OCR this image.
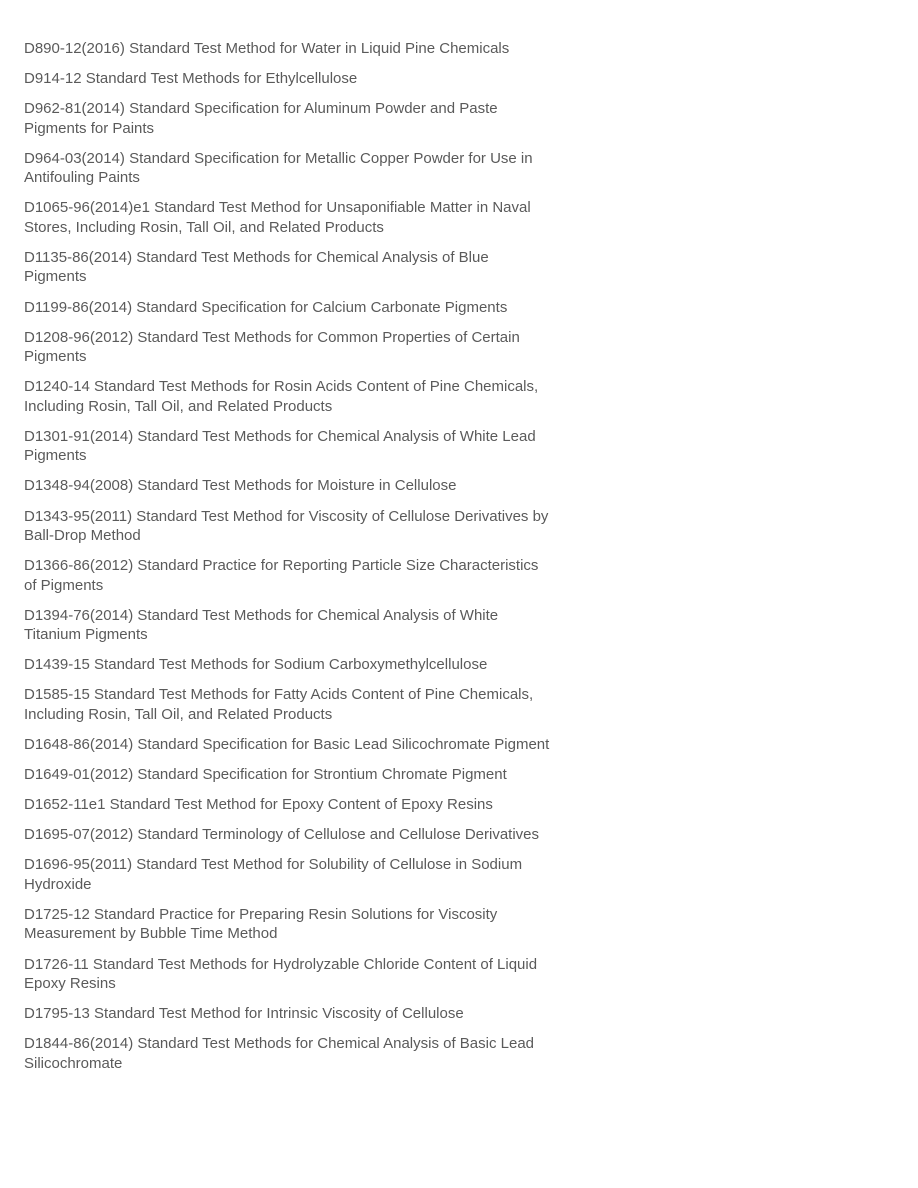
D890-12(2016) Standard Test Method for Water in Liquid Pine Chemicals
D914-12 Standard Test Methods for Ethylcellulose
D962-81(2014) Standard Specification for Aluminum Powder and Paste Pigments for Paints
D964-03(2014) Standard Specification for Metallic Copper Powder for Use in Antifouling Paints
D1065-96(2014)e1 Standard Test Method for Unsaponifiable Matter in Naval Stores, Including Rosin, Tall Oil, and Related Products
D1135-86(2014) Standard Test Methods for Chemical Analysis of Blue Pigments
D1199-86(2014) Standard Specification for Calcium Carbonate Pigments
D1208-96(2012) Standard Test Methods for Common Properties of Certain Pigments
D1240-14 Standard Test Methods for Rosin Acids Content of Pine Chemicals, Including Rosin, Tall Oil, and Related Products
D1301-91(2014) Standard Test Methods for Chemical Analysis of White Lead Pigments
D1348-94(2008) Standard Test Methods for Moisture in Cellulose
D1343-95(2011) Standard Test Method for Viscosity of Cellulose Derivatives by Ball-Drop Method
D1366-86(2012) Standard Practice for Reporting Particle Size Characteristics of Pigments
D1394-76(2014) Standard Test Methods for Chemical Analysis of White Titanium Pigments
D1439-15 Standard Test Methods for Sodium Carboxymethylcellulose
D1585-15 Standard Test Methods for Fatty Acids Content of Pine Chemicals, Including Rosin, Tall Oil, and Related Products
D1648-86(2014) Standard Specification for Basic Lead Silicochromate Pigment
D1649-01(2012) Standard Specification for Strontium Chromate Pigment
D1652-11e1 Standard Test Method for Epoxy Content of Epoxy Resins
D1695-07(2012) Standard Terminology of Cellulose and Cellulose Derivatives
D1696-95(2011) Standard Test Method for Solubility of Cellulose in Sodium Hydroxide
D1725-12 Standard Practice for Preparing Resin Solutions for Viscosity Measurement by Bubble Time Method
D1726-11 Standard Test Methods for Hydrolyzable Chloride Content of Liquid Epoxy Resins
D1795-13 Standard Test Method for Intrinsic Viscosity of Cellulose
D1844-86(2014) Standard Test Methods for Chemical Analysis of Basic Lead Silicochromate
